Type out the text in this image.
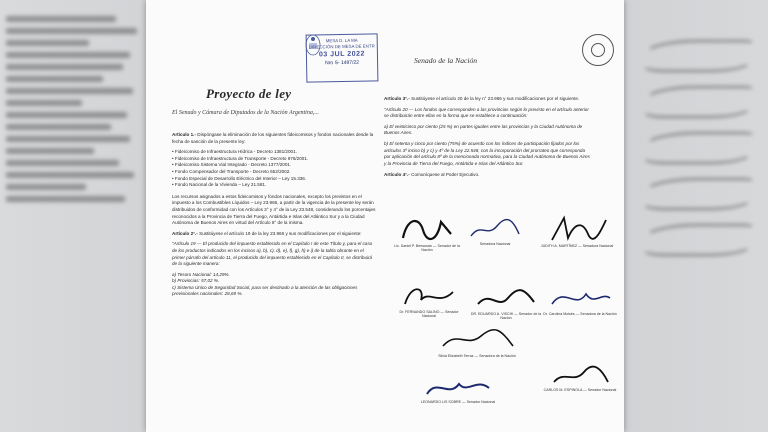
MESA D. LA MA
DIRECCIÓN DE MESA DE ENTR
03 JUL 2022
Nro S- 1487/22	Senado de la Nación
Proyecto de ley
El Senado y Cámara de Diputados de la Nación Argentina,...

Artículo 1.- Dispóngase la eliminación de los siguientes fideicomisos y fondos nacionales desde la fecha de sanción de la presente ley:

• Fideicomiso de Infraestructura Hídrica - Decreto 1381/2001.

• Fideicomiso de Infraestructura de Transporte - Decreto 976/2001.

• Fideicomiso Sistema Vial Integrado - Decreto 1377/2001.

• Fondo Compensador del Transporte - Decreto 652/2002.

• Fondo Especial de Desarrollo Eléctrico del Interior – Ley 15.336.

• Fondo Nacional de la Vivienda – Ley 21.581.

Los recursos asignados a estos fideicomisos y fondos nacionales, excepto los previstos en el impuesto a los Combustibles Líquidos – Ley 23.966, a partir de la vigencia de la presente ley serán distribuidos de conformidad con los Artículos 3° y 4° de la Ley 23.548, considerando los porcentajes reconocidos a la Provincia de Tierra del Fuego, Antártida e Islas del Atlántico Sur y a la Ciudad Autónoma de Buenos Aires en virtud del Artículo 8° de la misma.

Artículo 2°.- Sustitúyese el artículo 19 de la ley 23.966 y sus modificaciones por el siguiente:

"Artículo 19 — El producido del impuesto establecido en el Capítulo I de este Título y, para el caso de los productos indicados en los incisos a), b), c), d), e), f), g), h) e i) de la tabla obrante en el primer párrafo del artículo 11, el producido del impuesto establecido en el Capítulo II, se distribuirá de la siguiente manera:

a) Tesoro Nacional: 14,29%.

b) Provincias: 57,02 %.

c) Sistema Único de Seguridad Social, para ser destinado a la atención de las obligaciones previsionales nacionales: 28,69 %.

Artículo 3°.- Sustitúyese el artículo 20 de la ley n° 23.966 y sus modificaciones por el siguiente.

"Artículo 20 — Los fondos que corresponden a las provincias según lo previsto en el artículo anterior se distribuirán entre ellas en la forma que se establece a continuación:

a) El veinticinco por ciento (25 %) en partes iguales entre las provincias y la Ciudad Autónoma de Buenos Aires.

b) El setenta y cinco por ciento (75%) de acuerdo con los índices de participación fijados por los artículos 3º inciso b) y c) y 4º de la Ley 22.548, con la incorporación del prorrateo que corresponda por aplicación del artículo 8º de la mencionada normativa, para la Ciudad Autónoma de Buenos Aires y la Provincia de Tierra del Fuego, Antártida e Islas del Atlántico Sur.

Artículo 4°.- Comuníquese al Poder Ejecutivo.

Lic. Daniel P. Bensusán — Senador de la Nación
Senadora Nacional	JUDITH A. MARTÍNEZ — Senadora Nacional
Dr. FERNANDO SALINO — Senador Nacional
DR. EDUARDO A. VISCHI — Senador de la Nación
Dr. Carolina Moisés — Senadora de la Nación
Silvia Elizabeth Terraz — Senadora de la Nación
CARLOS M. ESPINOLA — Senador Nacional
LEONARDO LIS SOBRE — Senador Nacional
